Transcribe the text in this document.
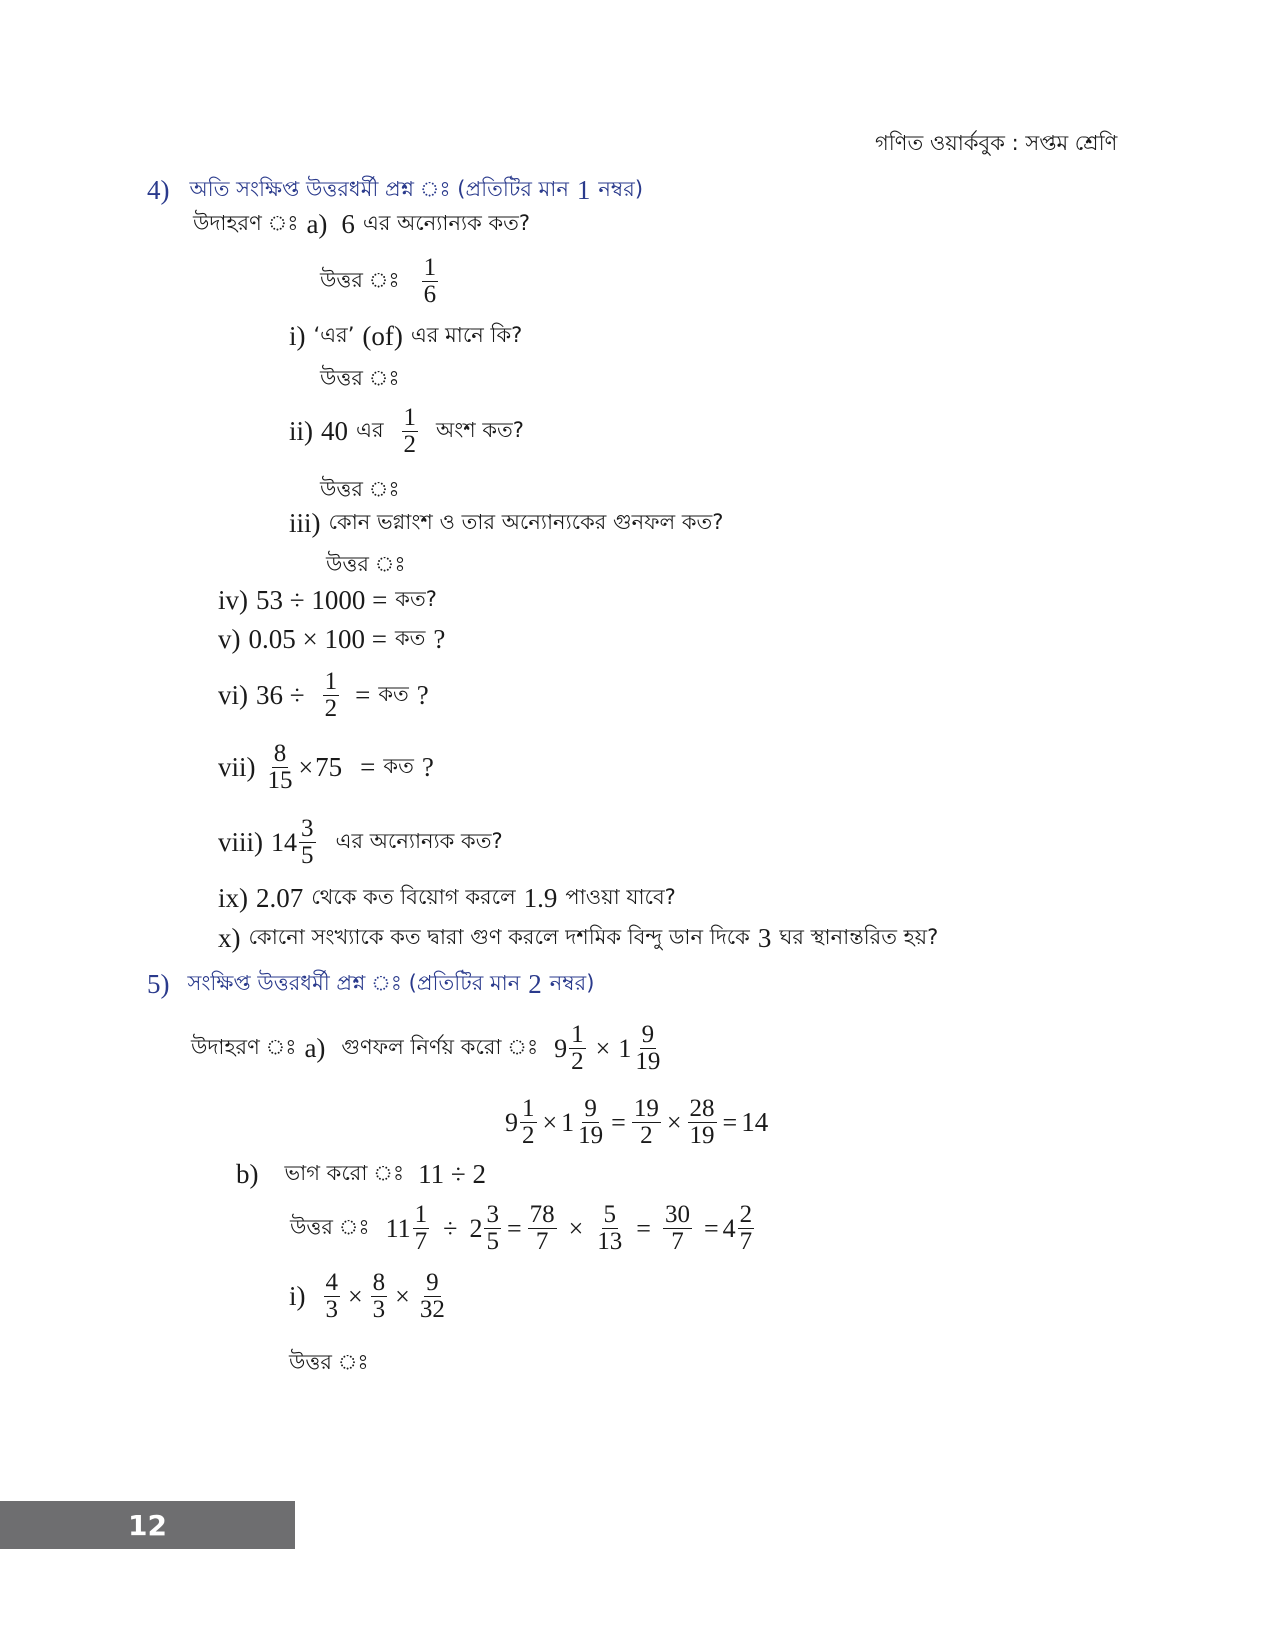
গণিত ওয়ার্কবুক : সপ্তম শ্রেণি
4) অতি সংক্ষিপ্ত উত্তরধর্মী প্রশ্ন ঃ (প্রতিটির মান 1 নম্বর)
উদাহরণ ঃ a) 6 এর অন্যোন্যক কত?
উত্তর ঃ $\frac{1}{6}$
i) ‘এর’ (of) এর মানে কি?
উত্তর ঃ
ii) 40 এর $\frac{1}{2}$ অংশ কত?
উত্তর ঃ
iii) কোন ভগ্নাংশ ও তার অন্যোন্যকের গুনফল কত?
উত্তর ঃ
iv) 53 ÷ 1000 = কত?
v) 0.05 × 100 = কত ?
vi) $36 \div \frac{1}{2}$ = কত ?
$vii) \frac{8}{15} \times 75$ = কত ?
viii) $14 \frac{3}{5}$ এর অন্যোন্যক কত?
ix) 2.07 থেকে কত বিয়োগ করলে 1.9 পাওয়া যাবে?
x) কোনো সংখ্যাকে কত দ্বারা গুণ করলে দশমিক বিন্দু ডান দিকে 3 ঘর স্থানান্তরিত হয়?
5) সংক্ষিপ্ত উত্তরধর্মী প্রশ্ন ঃ (প্রতিটির মান 2 নম্বর)
উদাহরণ ঃ a) গুণফল নির্ণয় করো ঃ $9 \frac{1}{2} \times 1 \frac{9}{19}$
$9 \frac{1}{2} \times 1 \frac{9}{19} = \frac{19}{2} \times \frac{28}{19} = 14$
b) ভাগ করো ঃ 11 ÷ 2
উত্তর ঃ $11 \frac{1}{7} \div 2 \frac{3}{5} = \frac{78}{7} \times \frac{5}{13} = \frac{30}{7} = 4 \frac{2}{7}$
$i) \frac{4}{3} \times \frac{8}{3} \times \frac{9}{32}$
উত্তর ঃ
12
